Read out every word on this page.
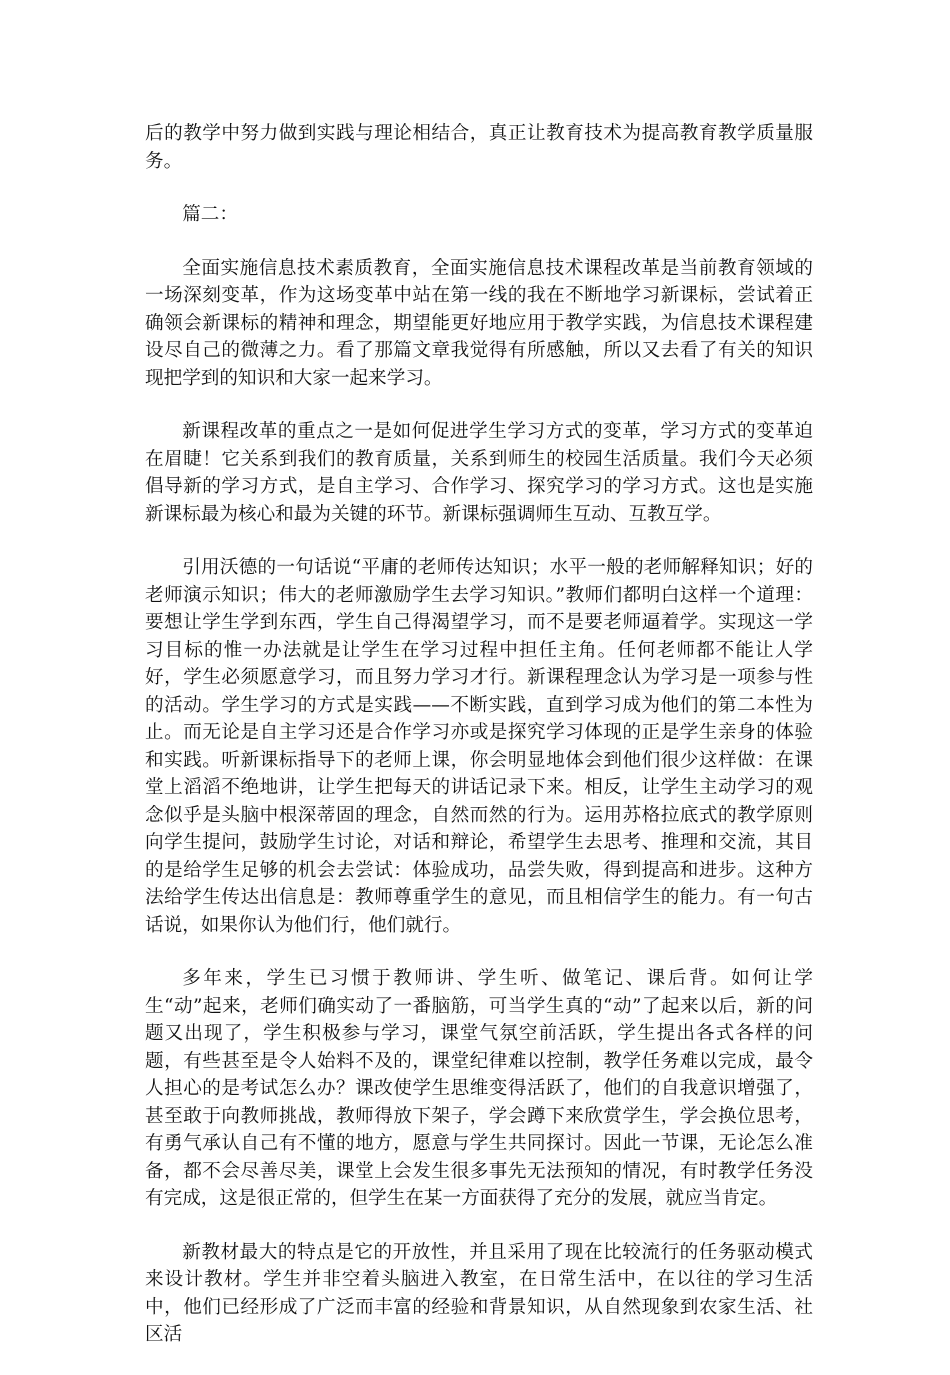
后的教学中努力做到实践与理论相结合，真正让教育技术为提高教育教学质量服务。

篇二：

全面实施信息技术素质教育，全面实施信息技术课程改革是当前教育领域的一场深刻变革，作为这场变革中站在第一线的我在不断地学习新课标，尝试着正确领会新课标的精神和理念，期望能更好地应用于教学实践，为信息技术课程建设尽自己的微薄之力。看了那篇文章我觉得有所感触，所以又去看了有关的知识现把学到的知识和大家一起来学习。

新课程改革的重点之一是如何促进学生学习方式的变革，学习方式的变革迫在眉睫！它关系到我们的教育质量，关系到师生的校园生活质量。我们今天必须倡导新的学习方式，是自主学习、合作学习、探究学习的学习方式。这也是实施新课标最为核心和最为关键的环节。新课标强调师生互动、互教互学。

引用沃德的一句话说“平庸的老师传达知识；水平一般的老师解释知识；好的老师演示知识；伟大的老师激励学生去学习知识。”教师们都明白这样一个道理：要想让学生学到东西，学生自己得渴望学习，而不是要老师逼着学。实现这一学习目标的惟一办法就是让学生在学习过程中担任主角。任何老师都不能让人学好，学生必须愿意学习，而且努力学习才行。新课程理念认为学习是一项参与性的活动。学生学习的方式是实践——不断实践，直到学习成为他们的第二本性为止。而无论是自主学习还是合作学习亦或是探究学习体现的正是学生亲身的体验和实践。听新课标指导下的老师上课，你会明显地体会到他们很少这样做：在课堂上滔滔不绝地讲，让学生把每天的讲话记录下来。相反，让学生主动学习的观念似乎是头脑中根深蒂固的理念，自然而然的行为。运用苏格拉底式的教学原则向学生提问，鼓励学生讨论，对话和辩论，希望学生去思考、推理和交流，其目的是给学生足够的机会去尝试：体验成功，品尝失败，得到提高和进步。这种方法给学生传达出信息是：教师尊重学生的意见，而且相信学生的能力。有一句古话说，如果你认为他们行，他们就行。

多年来，学生已习惯于教师讲、学生听、做笔记、课后背。如何让学生“动”起来，老师们确实动了一番脑筋，可当学生真的“动”了起来以后，新的问题又出现了，学生积极参与学习，课堂气氛空前活跃，学生提出各式各样的问题，有些甚至是令人始料不及的，课堂纪律难以控制，教学任务难以完成，最令人担心的是考试怎么办？课改使学生思维变得活跃了，他们的自我意识增强了，甚至敢于向教师挑战，教师得放下架子，学会蹲下来欣赏学生，学会换位思考，有勇气承认自己有不懂的地方，愿意与学生共同探讨。因此一节课，无论怎么准备，都不会尽善尽美，课堂上会发生很多事先无法预知的情况，有时教学任务没有完成，这是很正常的，但学生在某一方面获得了充分的发展，就应当肯定。

新教材最大的特点是它的开放性，并且采用了现在比较流行的任务驱动模式来设计教材。学生并非空着头脑进入教室，在日常生活中，在以往的学习生活中，他们已经形成了广泛而丰富的经验和背景知识，从自然现象到农家生活、社区活
